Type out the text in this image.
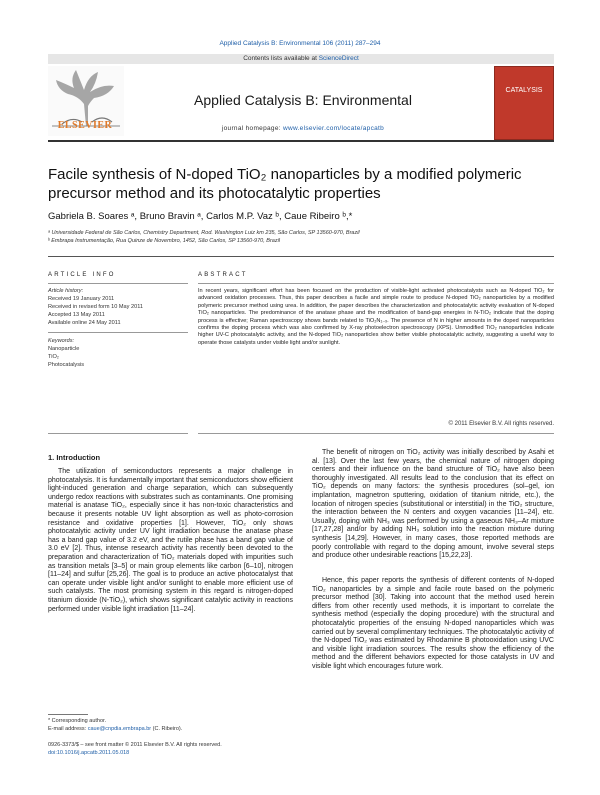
Applied Catalysis B: Environmental 106 (2011) 287–294
Contents lists available at ScienceDirect
ELSEVIER
Applied Catalysis B: Environmental
journal homepage: www.elsevier.com/locate/apcatb
CATALYSIS
Facile synthesis of N-doped TiO₂ nanoparticles by a modified polymeric
precursor method and its photocatalytic properties
Gabriela B. Soares ᵃ, Bruno Bravin ᵃ, Carlos M.P. Vaz ᵇ, Caue Ribeiro ᵇ,*
ᵃ Universidade Federal de São Carlos, Chemistry Department, Rod. Washington Luiz km 235, São Carlos, SP 13560-970, Brazil
ᵇ Embrapa Instrumentação, Rua Quinze de Novembro, 1452, São Carlos, SP 13560-970, Brazil
ARTICLE INFO
Article history:
Received 19 January 2011
Received in revised form 10 May 2011
Accepted 13 May 2011
Available online 24 May 2011
Keywords:
Nanoparticle
TiO₂
Photocatalysis
ABSTRACT
In recent years, significant effort has been focused on the production of visible-light activated photocatalysts such as N-doped TiO₂ for advanced oxidation processes. Thus, this paper describes a facile and simple route to produce N-doped TiO₂ nanoparticles by a modified polymeric precursor method using urea. In addition, the paper describes the characterization and photocatalytic activity evaluation of N-doped TiO₂ nanoparticles. The predominance of the anatase phase and the modification of band-gap energies in N-TiO₂ indicate that the doping process is effective; Raman spectroscopy shows bands related to TiO₂N₁₋ₓ. The presence of N in higher amounts in the doped nanoparticles confirms the doping process which was also confirmed by X-ray photoelectron spectroscopy (XPS). Unmodified TiO₂ nanoparticles indicate higher UV-C photocatalytic activity, and the N-doped TiO₂ nanoparticles show better visible photocatalytic activity, suggesting a useful way to operate those catalysts under visible light and/or sunlight.
© 2011 Elsevier B.V. All rights reserved.
1. Introduction
The utilization of semiconductors represents a major challenge in photocatalysis. It is fundamentally important that semiconductors show efficient light-induced generation and charge separation, which can subsequently undergo redox reactions with substrates such as contaminants. One promising material is anatase TiO₂, especially since it has non-toxic characteristics and because it presents notable UV light absorption as well as photo-corrosion resistance and oxidative properties [1]. However, TiO₂ only shows photocatalytic activity under UV light irradiation because the anatase phase has a band gap value of 3.2 eV, and the rutile phase has a band gap value of 3.0 eV [2]. Thus, intense research activity has recently been devoted to the preparation and characterization of TiO₂ materials doped with impurities such as transition metals [3–5] or main group elements like carbon [6–10], nitrogen [11–24] and sulfur [25,26]. The goal is to produce an active photocatalyst that can operate under visible light and/or sunlight to enable more efficient use of such catalysts. The most promising system in this regard is nitrogen-doped titanium dioxide (N-TiO₂), which shows significant catalytic activity in reactions performed under visible light irradiation [11–24].
The benefit of nitrogen on TiO₂ activity was initially described by Asahi et al. [13]. Over the last few years, the chemical nature of nitrogen doping centers and their influence on the band structure of TiO₂ have also been thoroughly investigated. All results lead to the conclusion that its effect on TiO₂ depends on many factors: the synthesis procedures (sol–gel, ion implantation, magnetron sputtering, oxidation of titanium nitride, etc.), the location of nitrogen species (substitutional or interstitial) in the TiO₂ structure, the interaction between the N centers and oxygen vacancies [11–24], etc. Usually, doping with NH₃ was performed by using a gaseous NH₃–Ar mixture [17,27,28] and/or by adding NH₃ solution into the reaction mixture during synthesis [14,29]. However, in many cases, those reported methods are poorly controllable with regard to the doping amount, involve several steps and produce other undesirable reactions [15,22,23].
Hence, this paper reports the synthesis of different contents of N-doped TiO₂ nanoparticles by a simple and facile route based on the polymeric precursor method [30]. Taking into account that the method used herein differs from other recently used methods, it is important to correlate the synthesis method (especially the doping procedure) with the structural and photocatalytic properties of the ensuing N-doped nanoparticles which was carried out by several complimentary techniques. The photocatalytic activity of the N-doped TiO₂ was estimated by Rhodamine B photooxidation using UVC and visible light irradiation sources. The results show the efficiency of the method and the different behaviors expected for those catalysts in UV and visible light which encourages future work.
* Corresponding author.
E-mail address: caue@cnpdia.embrapa.br (C. Ribeiro).
0926-3373/$ – see front matter © 2011 Elsevier B.V. All rights reserved.
doi:10.1016/j.apcatb.2011.05.018
